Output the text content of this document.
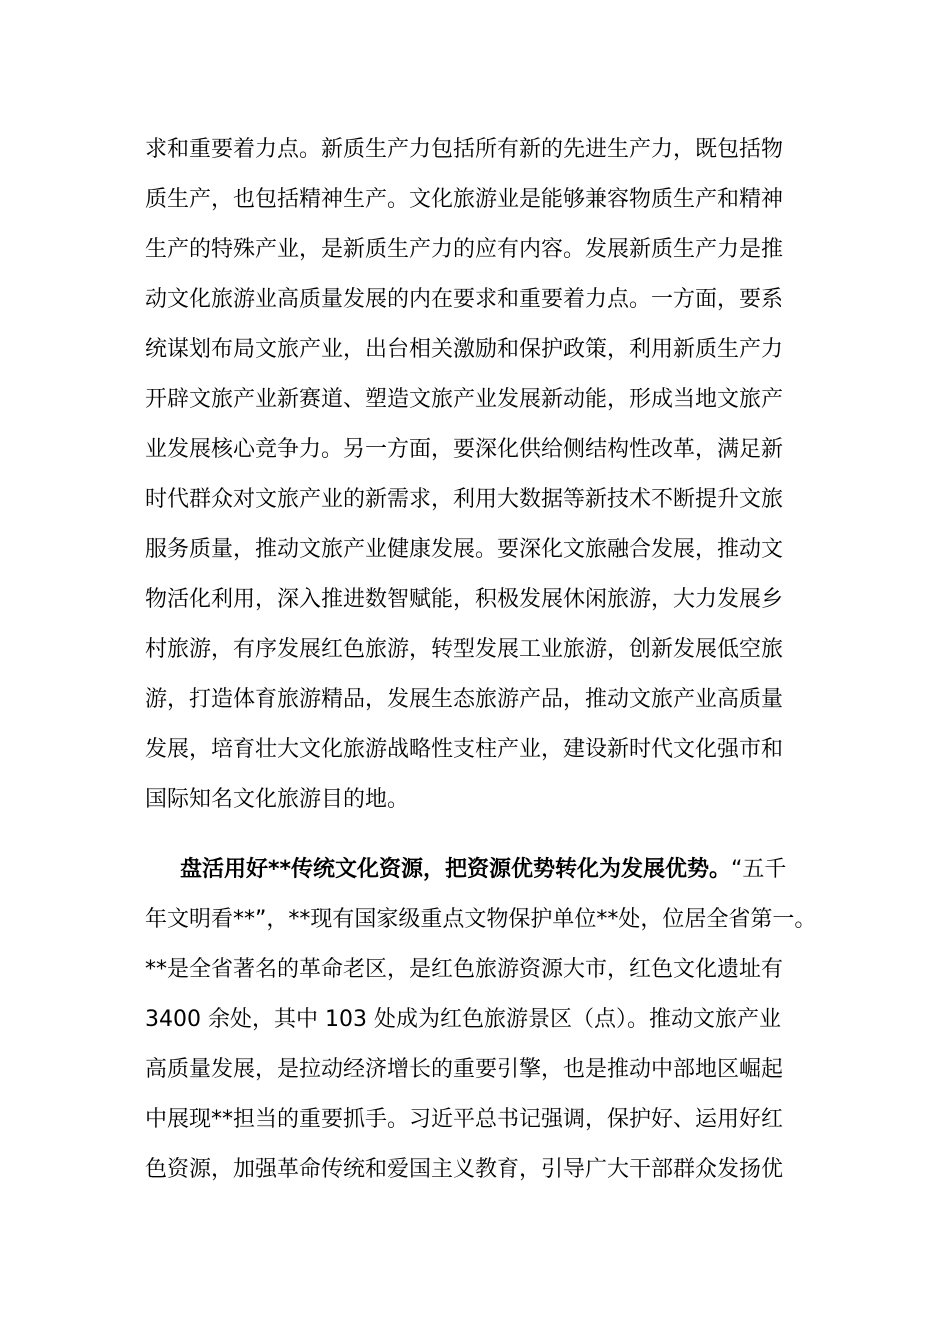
求和重要着力点。新质生产力包括所有新的先进生产力，既包括物
质生产，也包括精神生产。文化旅游业是能够兼容物质生产和精神
生产的特殊产业，是新质生产力的应有内容。发展新质生产力是推
动文化旅游业高质量发展的内在要求和重要着力点。一方面，要系
统谋划布局文旅产业，出台相关激励和保护政策，利用新质生产力
开辟文旅产业新赛道、塑造文旅产业发展新动能，形成当地文旅产
业发展核心竞争力。另一方面，要深化供给侧结构性改革，满足新
时代群众对文旅产业的新需求，利用大数据等新技术不断提升文旅
服务质量，推动文旅产业健康发展。要深化文旅融合发展，推动文
物活化利用，深入推进数智赋能，积极发展休闲旅游，大力发展乡
村旅游，有序发展红色旅游，转型发展工业旅游，创新发展低空旅
游，打造体育旅游精品，发展生态旅游产品，推动文旅产业高质量
发展，培育壮大文化旅游战略性支柱产业，建设新时代文化强市和
国际知名文化旅游目的地。
盘活用好**传统文化资源，把资源优势转化为发展优势。“五千
年文明看**”，**现有国家级重点文物保护单位**处，位居全省第一。
**是全省著名的革命老区，是红色旅游资源大市，红色文化遗址有
3400 余处，其中 103 处成为红色旅游景区（点）。推动文旅产业
高质量发展，是拉动经济增长的重要引擎，也是推动中部地区崛起
中展现**担当的重要抓手。习近平总书记强调，保护好、运用好红
色资源，加强革命传统和爱国主义教育，引导广大干部群众发扬优
